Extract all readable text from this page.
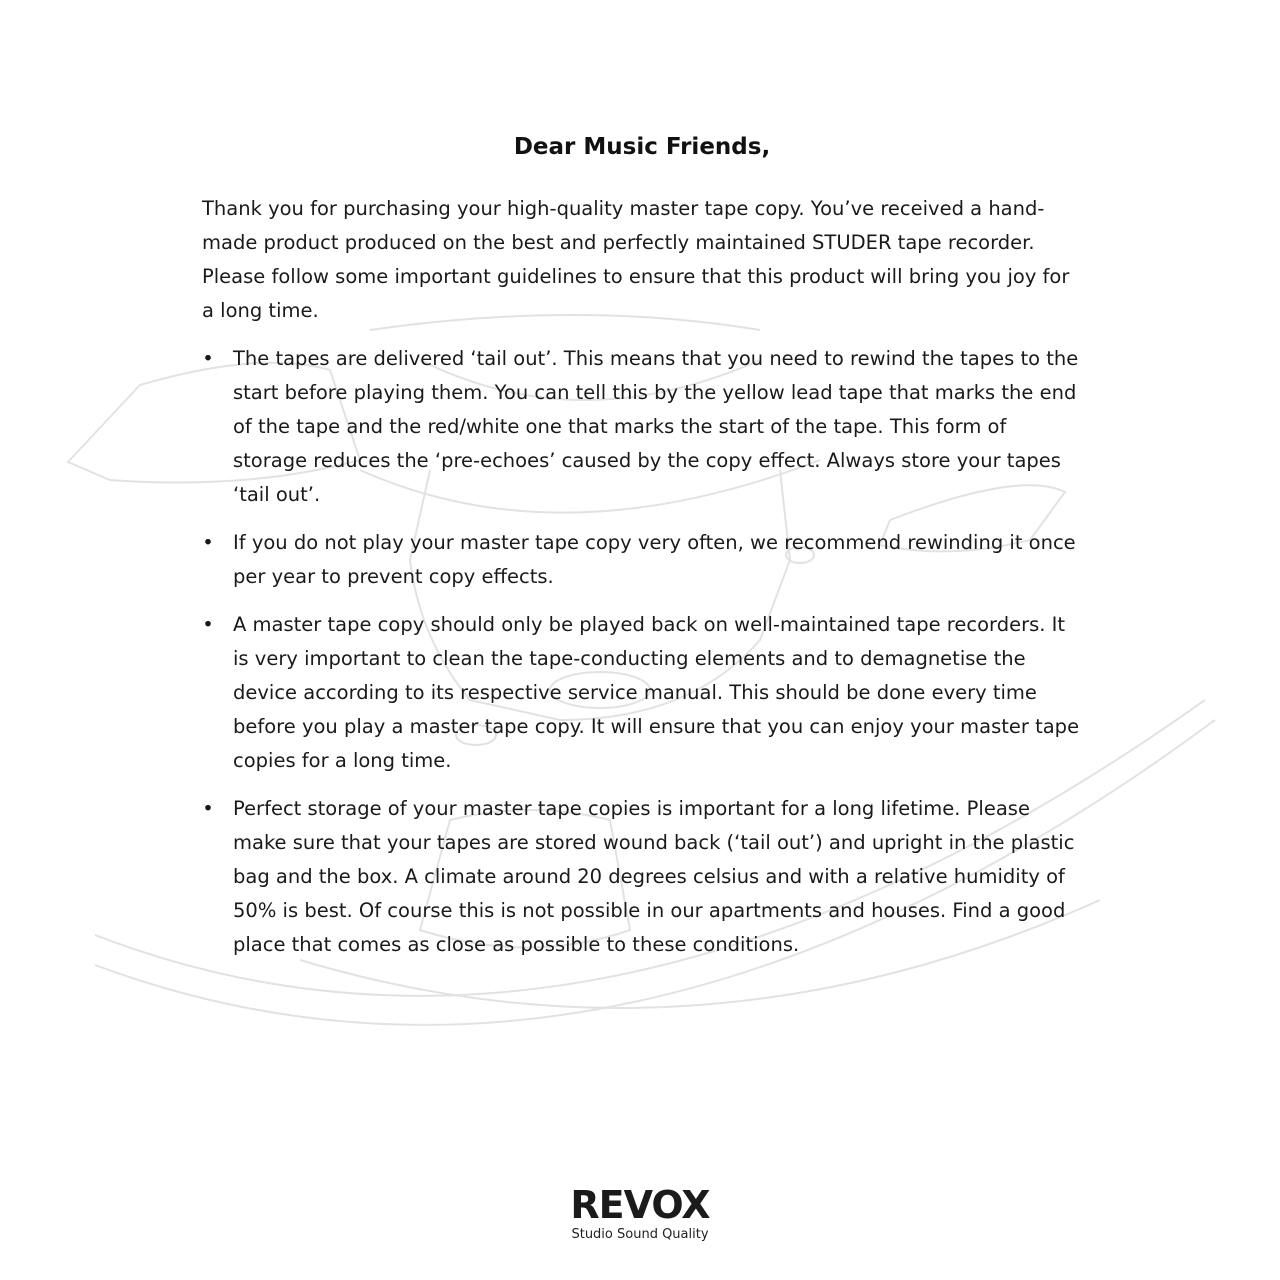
Dear Music Friends,

Thank you for purchasing your high-quality master tape copy. You’ve received a hand-made product produced on the best and perfectly maintained STUDER tape recorder.

Please follow some important guidelines to ensure that this product will bring you joy for a long time.

• The tapes are delivered ‘tail out’. This means that you need to rewind the tapes to the start before playing them. You can tell this by the yellow lead tape that marks the end of the tape and the red/white one that marks the start of the tape. This form of storage reduces the ‘pre-echoes’ caused by the copy effect. Always store your tapes ‘tail out’.
• If you do not play your master tape copy very often, we recommend rewinding it once per year to prevent copy effects.
• A master tape copy should only be played back on well-maintained tape recorders. It is very important to clean the tape-conducting elements and to demagnetise the device according to its respective service manual. This should be done every time before you play a master tape copy. It will ensure that you can enjoy your master tape copies for a long time.
• Perfect storage of your master tape copies is important for a long lifetime. Please make sure that your tapes are stored wound back (‘tail out’) and upright in the plastic bag and the box. A climate around 20 degrees celsius and with a relative humidity of 50% is best. Of course this is not possible in our apartments and houses. Find a good place that comes as close as possible to these conditions.
REVOX
Studio Sound Quality
